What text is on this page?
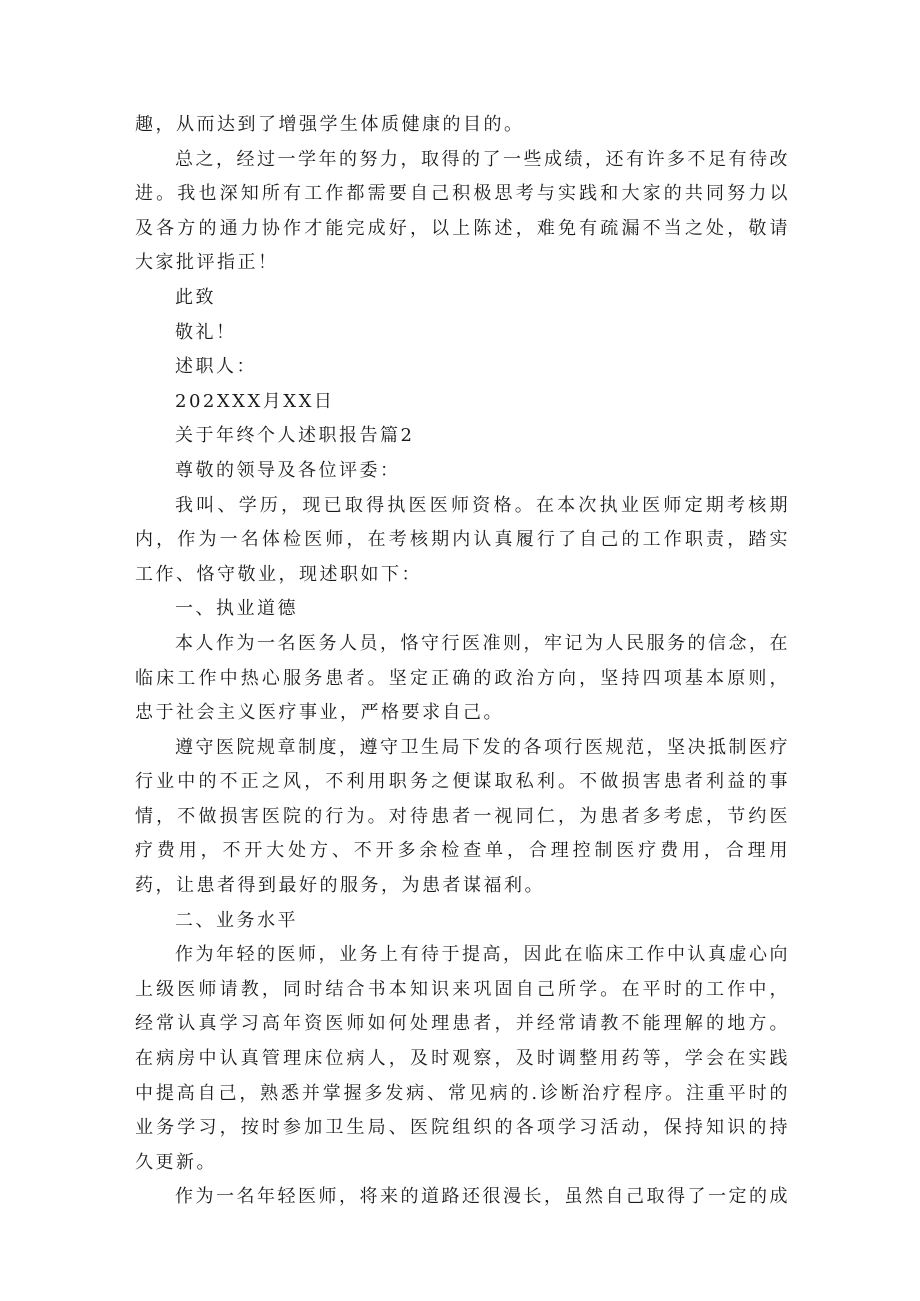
趣，从而达到了增强学生体质健康的目的。

总之，经过一学年的努力，取得的了一些成绩，还有许多不足有待改进。我也深知所有工作都需要自己积极思考与实践和大家的共同努力以及各方的通力协作才能完成好，以上陈述，难免有疏漏不当之处，敬请大家批评指正！

此致

敬礼！

述职人：

202XXX月XX日

关于年终个人述职报告篇2

尊敬的领导及各位评委：

我叫、学历，现已取得执医医师资格。在本次执业医师定期考核期内，作为一名体检医师，在考核期内认真履行了自己的工作职责，踏实工作、恪守敬业，现述职如下：

一、执业道德

本人作为一名医务人员，恪守行医准则，牢记为人民服务的信念，在临床工作中热心服务患者。坚定正确的政治方向，坚持四项基本原则，忠于社会主义医疗事业，严格要求自己。

遵守医院规章制度，遵守卫生局下发的各项行医规范，坚决抵制医疗行业中的不正之风，不利用职务之便谋取私利。不做损害患者利益的事情，不做损害医院的行为。对待患者一视同仁，为患者多考虑，节约医疗费用，不开大处方、不开多余检查单，合理控制医疗费用，合理用药，让患者得到最好的服务，为患者谋福利。

二、业务水平

作为年轻的医师，业务上有待于提高，因此在临床工作中认真虚心向上级医师请教，同时结合书本知识来巩固自己所学。在平时的工作中，经常认真学习高年资医师如何处理患者，并经常请教不能理解的地方。在病房中认真管理床位病人，及时观察，及时调整用药等，学会在实践中提高自己，熟悉并掌握多发病、常见病的.诊断治疗程序。注重平时的业务学习，按时参加卫生局、医院组织的各项学习活动，保持知识的持久更新。

作为一名年轻医师，将来的道路还很漫长，虽然自己取得了一定的成
